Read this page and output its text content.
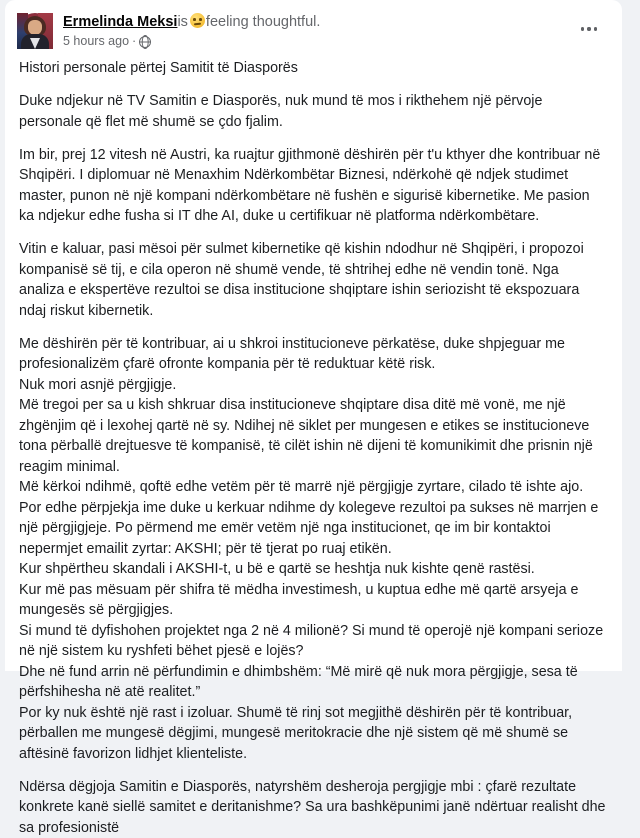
Ermelinda Meksiis feeling thoughtful.
5 hours ago ·

Histori personale përtej Samitit të Diasporës

Duke ndjekur në TV Samitin e Diasporës, nuk mund të mos i rikthehem një përvoje personale që flet më shumë se çdo fjalim.

Im bir, prej 12 vitesh në Austri, ka ruajtur gjithmonë dëshirën për t'u kthyer dhe kontribuar në Shqipëri. I diplomuar në Menaxhim Ndërkombëtar Biznesi, ndërkohë që ndjek studimet master, punon në një kompani ndërkombëtare në fushën e sigurisë kibernetike. Me pasion ka ndjekur edhe fusha si IT dhe AI, duke u certifikuar në platforma ndërkombëtare.

Vitin e kaluar, pasi mësoi për sulmet kibernetike që kishin ndodhur në Shqipëri, i propozoi kompanisë së tij, e cila operon në shumë vende, të shtrihej edhe në vendin tonë. Nga analiza e ekspertëve rezultoi se disa institucione shqiptare ishin seriozisht të ekspozuara ndaj riskut kibernetik.

Me dëshirën për të kontribuar, ai u shkroi institucioneve përkatëse, duke shpjeguar me profesionalizëm çfarë ofronte kompania për të reduktuar këtë risk.

Nuk mori asnjë përgjigje.

Më tregoi per sa u kish shkruar disa institucioneve shqiptare disa ditë më vonë, me një zhgënjim që i lexohej qartë në sy. Ndihej në siklet per mungesen e etikes se institucioneve tona përballë drejtuesve të kompanisë, të cilët ishin në dijeni të komunikimit dhe prisnin një reagim minimal.

Më kërkoi ndihmë, qoftë edhe vetëm për të marrë një përgjigje zyrtare, cilado të ishte ajo.

Por edhe përpjekja ime duke u kerkuar ndihme dy kolegeve rezultoi pa sukses në marrjen e një përgjigjeje. Po përmend me emër vetëm një nga institucionet, qe im bir kontaktoi nepermjet emailit zyrtar: AKSHI; për të tjerat po ruaj etikën.

Kur shpërtheu skandali i AKSHI-t, u bë e qartë se heshtja nuk kishte qenë rastësi.

Kur më pas mësuam për shifra të mëdha investimesh, u kuptua edhe më qartë arsyeja e mungesës së përgjigjes.

Si mund të dyfishohen projektet nga 2 në 4 milionë? Si mund të operojë një kompani serioze në një sistem ku ryshfeti bëhet pjesë e lojës?

Dhe në fund arrin në përfundimin e dhimbshëm: “Më mirë që nuk mora përgjigje, sesa të përfshihesha në atë realitet.”

Por ky nuk është një rast i izoluar. Shumë të rinj sot megjithë dëshirën për të kontribuar, përballen me mungesë dëgjimi, mungesë meritokracie dhe një sistem që më shumë se aftësinë favorizon lidhjet klienteliste.

Ndërsa dëgjoja Samitin e Diasporës, natyrshëm desheroja pergjigje mbi : çfarë rezultate konkrete kanë siellë samitet e deritanishme? Sa ura bashkëpunimi janë ndërtuar realisht dhe sa profesionistë
